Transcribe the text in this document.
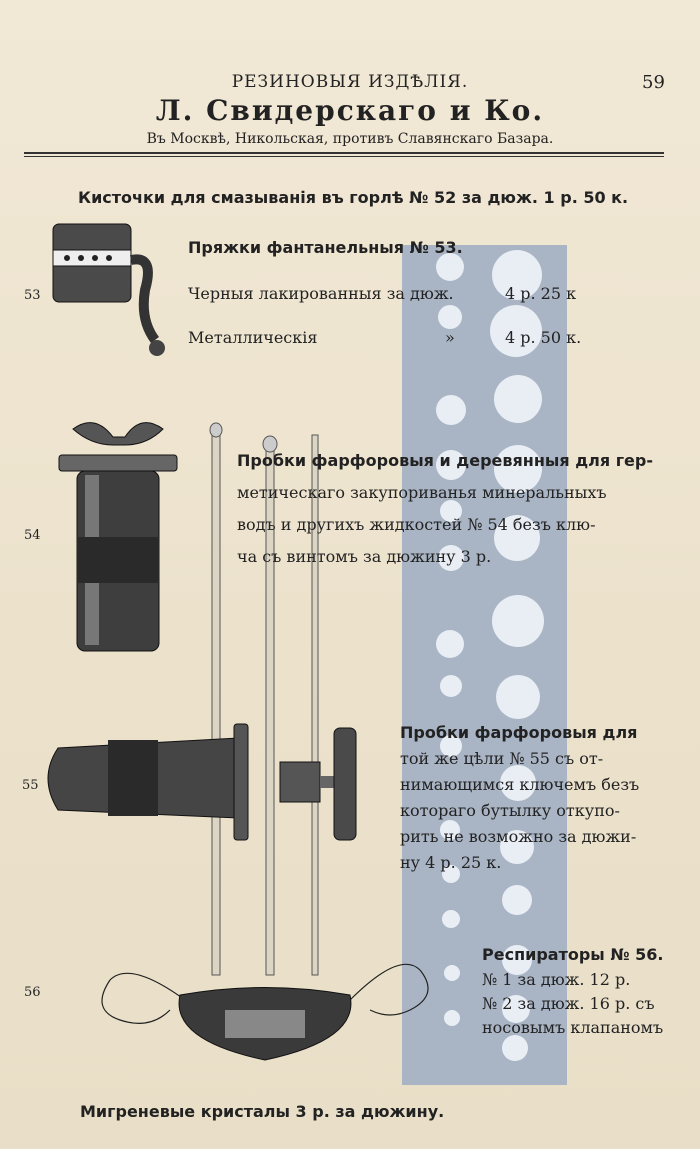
РЕЗИНОВЫЯ ИЗДѢЛІЯ.	59
Л. Свидерскаго и Ко.
Въ Москвѣ, Никольская, противъ Славянскаго Базара.
Кисточки для смазыванія въ горлѣ № 52 за дюж. 1 р. 50 к.
53
Пряжки фантанельныя № 53.
Черныя лакированныя за дюж.	4 р. 25 к
Металлическія	»	4 р. 50 к.
54
Пробки фарфоровыя и деревянныя для гер-
метическаго закупориванья минеральныхъ
водъ и другихъ жидкостей № 54 безъ клю-
ча съ винтомъ за дюжину 3 р.
55
Пробки фарфоровыя для
той же цѣли № 55 съ от-
нимающимся ключемъ безъ
котораго бутылку откупо-
рить не возможно за дюжи-
ну 4 р. 25 к.
56
Респираторы № 56.
№ 1 за дюж. 12 р.
№ 2 за дюж. 16 р. съ
носовымъ клапаномъ
Мигреневые кристалы 3 р. за дюжину.
